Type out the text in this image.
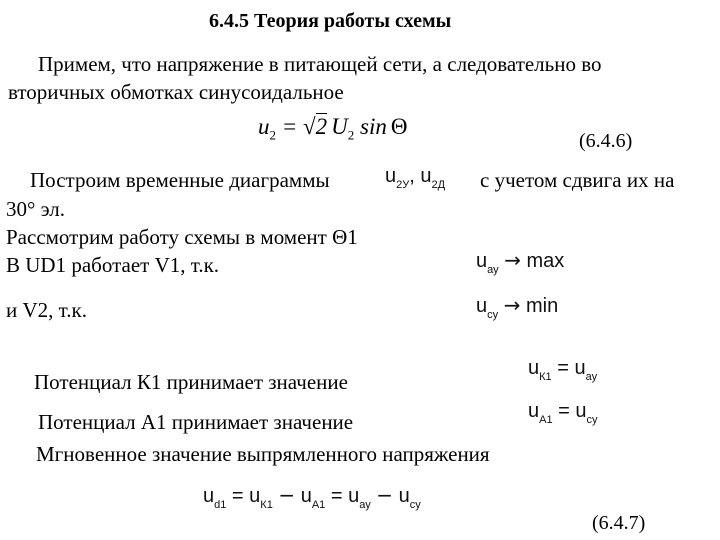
6.4.5 Теория работы схемы
Примем, что напряжение в питающей сети, а следовательно во
вторичных обмотках синусоидальное
$u_2 = √2$ $U_2$ sin Θ
(6.4.6)
Построим временные диаграммы	$u_{2У}$, $u_{2Д}$ с учетом сдвига их на
30° эл.
Рассмотрим работу схемы в момент Θ1
В UD1 работает V1, т.к.	$u_{ау} \to \max$
и V2, т.к.	$u_{су} \to \min$
Потенциал К1 принимает значение
$u_{К1} = u_{ау}$
Потенциал А1 принимает значение	$u_{А1} = u_{су}$
Мгновенное значение выпрямленного напряжения
$u_{d1} = u_{К1} - u_{А1} = u_{ау} - u_{су}$
(6.4.7)
